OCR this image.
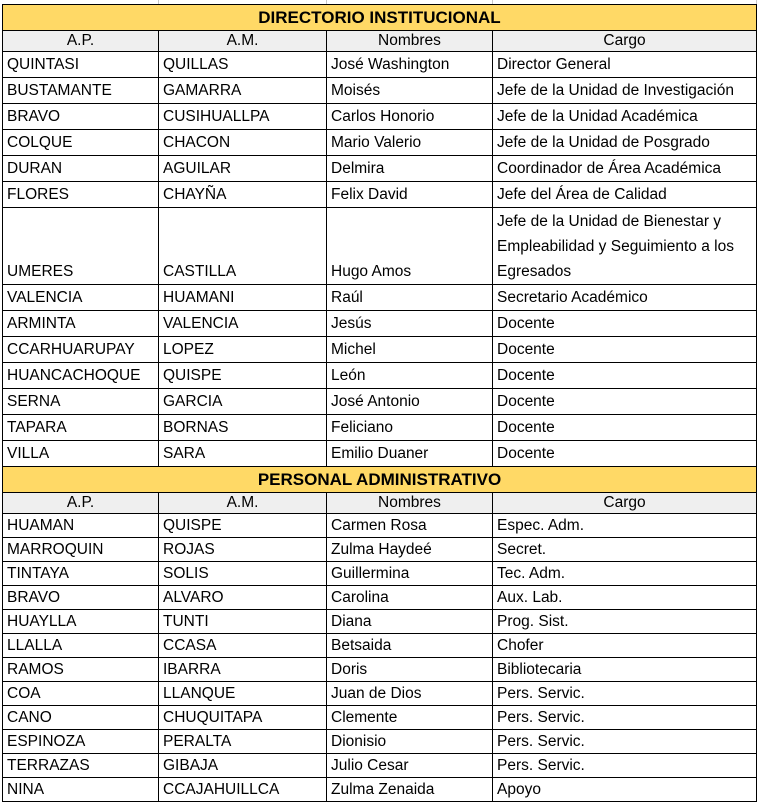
DIRECTORIO INSTITUCIONAL			
A.P.	A.M.	Nombres	Cargo
QUINTASI	QUILLAS	José Washington	Director General
BUSTAMANTE	GAMARRA	Moisés	Jefe de la Unidad de Investigación
BRAVO	CUSIHUALLPA	Carlos Honorio	Jefe de la Unidad Académica
COLQUE	CHACON	Mario Valerio	Jefe de la Unidad de Posgrado
DURAN	AGUILAR	Delmira	Coordinador de Área Académica
FLORES	CHAYÑA	Felix David	Jefe del Área de Calidad
UMERES	CASTILLA	Hugo Amos	Jefe de la Unidad de Bienestar y Empleabilidad y Seguimiento a los Egresados
VALENCIA	HUAMANI	Raúl	Secretario Académico
ARMINTA	VALENCIA	Jesús	Docente
CCARHUARUPAY	LOPEZ	Michel	Docente
HUANCACHOQUE	QUISPE	León	Docente
SERNA	GARCIA	José Antonio	Docente
TAPARA	BORNAS	Feliciano	Docente
VILLA	SARA	Emilio Duaner	Docente
PERSONAL ADMINISTRATIVO			
A.P.	A.M.	Nombres	Cargo
HUAMAN	QUISPE	Carmen Rosa	Espec. Adm.
MARROQUIN	ROJAS	Zulma Haydeé	Secret.
TINTAYA	SOLIS	Guillermina	Tec. Adm.
BRAVO	ALVARO	Carolina	Aux. Lab.
HUAYLLA	TUNTI	Diana	Prog. Sist.
LLALLA	CCASA	Betsaida	Chofer
RAMOS	IBARRA	Doris	Bibliotecaria
COA	LLANQUE	Juan de Dios	Pers. Servic.
CANO	CHUQUITAPA	Clemente	Pers. Servic.
ESPINOZA	PERALTA	Dionisio	Pers. Servic.
TERRAZAS	GIBAJA	Julio Cesar	Pers. Servic.
NINA	CCAJAHUILLCA	Zulma Zenaida	Apoyo
